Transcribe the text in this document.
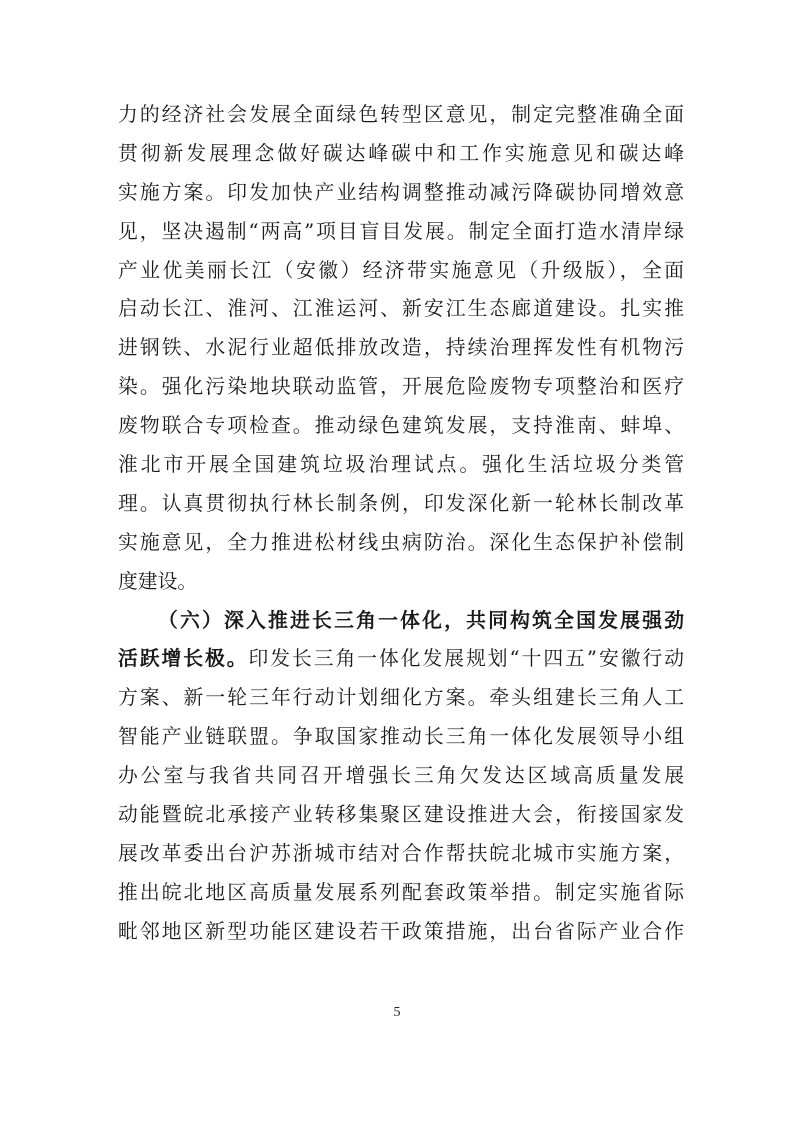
力的经济社会发展全面绿色转型区意见，制定完整准确全面
贯彻新发展理念做好碳达峰碳中和工作实施意见和碳达峰
实施方案。印发加快产业结构调整推动减污降碳协同增效意
见，坚决遏制“两高”项目盲目发展。制定全面打造水清岸绿
产业优美丽长江（安徽）经济带实施意见（升级版），全面
启动长江、淮河、江淮运河、新安江生态廊道建设。扎实推
进钢铁、水泥行业超低排放改造，持续治理挥发性有机物污
染。强化污染地块联动监管，开展危险废物专项整治和医疗
废物联合专项检查。推动绿色建筑发展，支持淮南、蚌埠、
淮北市开展全国建筑垃圾治理试点。强化生活垃圾分类管
理。认真贯彻执行林长制条例，印发深化新一轮林长制改革
实施意见，全力推进松材线虫病防治。深化生态保护补偿制
度建设。
（六）深入推进长三角一体化，共同构筑全国发展强劲
活跃增长极。印发长三角一体化发展规划“十四五”安徽行动
方案、新一轮三年行动计划细化方案。牵头组建长三角人工
智能产业链联盟。争取国家推动长三角一体化发展领导小组
办公室与我省共同召开增强长三角欠发达区域高质量发展
动能暨皖北承接产业转移集聚区建设推进大会，衔接国家发
展改革委出台沪苏浙城市结对合作帮扶皖北城市实施方案，
推出皖北地区高质量发展系列配套政策举措。制定实施省际
毗邻地区新型功能区建设若干政策措施，出台省际产业合作
5
